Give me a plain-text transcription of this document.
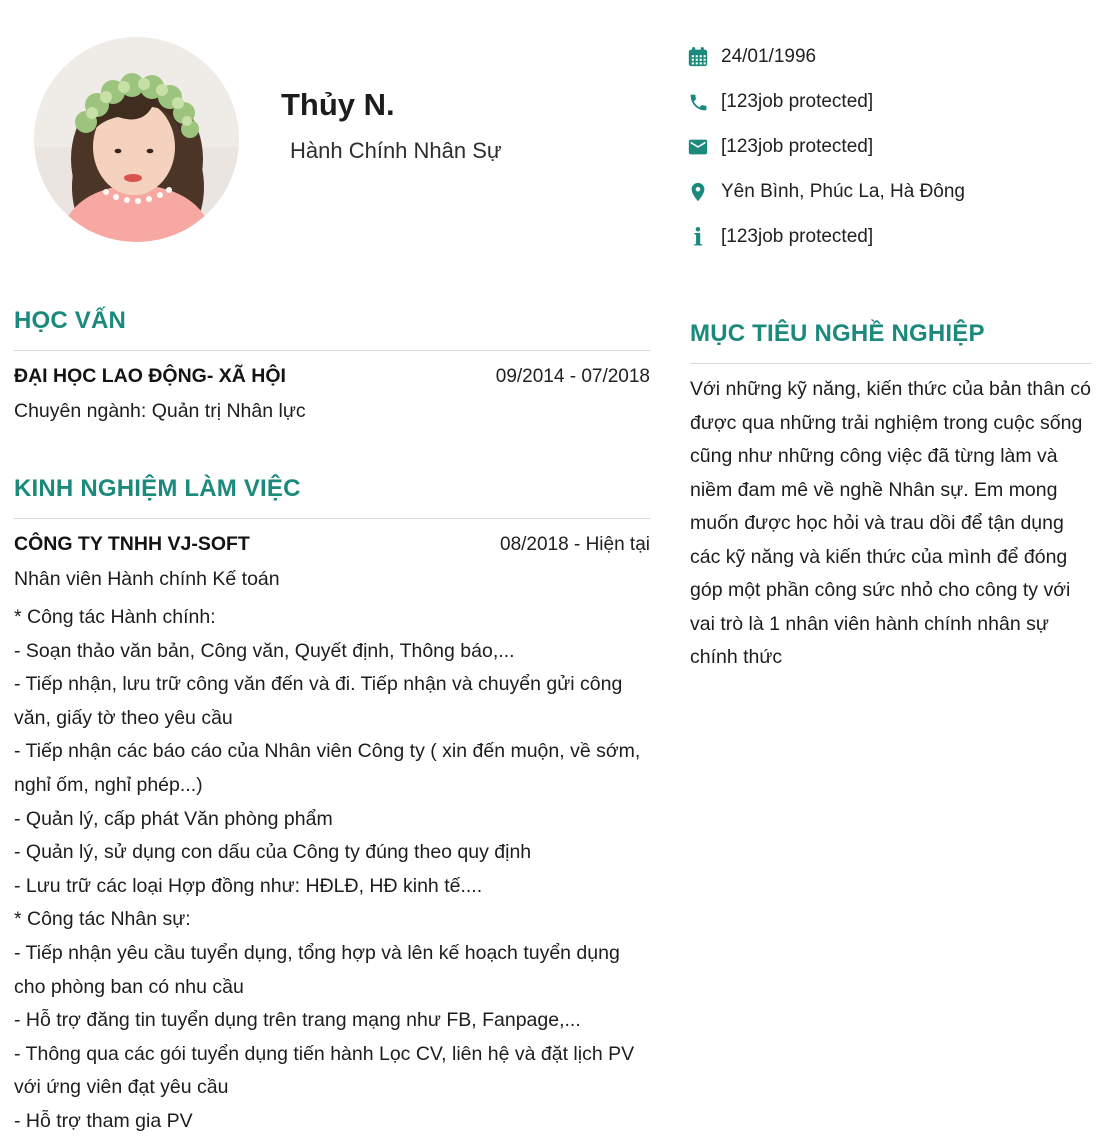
Thủy N.
Hành Chính Nhân Sự
24/01/1996
[123job protected]
[123job protected]
Yên Bình, Phúc La, Hà Đông
i [123job protected]
HỌC VẤN
ĐẠI HỌC LAO ĐỘNG- XÃ HỘI	09/2014 - 07/2018
Chuyên ngành: Quản trị Nhân lực
KINH NGHIỆM LÀM VIỆC
CÔNG TY TNHH VJ-SOFT	08/2018 - Hiện tại
Nhân viên Hành chính Kế toán
* Công tác Hành chính:
- Soạn thảo văn bản, Công văn, Quyết định, Thông báo,...
- Tiếp nhận, lưu trữ công văn đến và đi. Tiếp nhận và chuyển gửi công văn, giấy tờ theo yêu cầu
- Tiếp nhận các báo cáo của Nhân viên Công ty ( xin đến muộn, về sớm, nghỉ ốm, nghỉ phép...)
- Quản lý, cấp phát Văn phòng phẩm
- Quản lý, sử dụng con dấu của Công ty đúng theo quy định
- Lưu trữ các loại Hợp đồng như: HĐLĐ, HĐ kinh tế....
* Công tác Nhân sự:
- Tiếp nhận yêu cầu tuyển dụng, tổng hợp và lên kế hoạch tuyển dụng cho phòng ban có nhu cầu
- Hỗ trợ đăng tin tuyển dụng trên trang mạng như FB, Fanpage,...
- Thông qua các gói tuyển dụng tiến hành Lọc CV, liên hệ và đặt lịch PV với ứng viên đạt yêu cầu
- Hỗ trợ tham gia PV
MỤC TIÊU NGHỀ NGHIỆP
Với những kỹ năng, kiến thức của bản thân có được qua những trải nghiệm trong cuộc sống cũng như những công việc đã từng làm và niềm đam mê về nghề Nhân sự. Em mong muốn được học hỏi và trau dồi để tận dụng các kỹ năng và kiến thức của mình để đóng góp một phần công sức nhỏ cho công ty với vai trò là 1 nhân viên hành chính nhân sự chính thức
